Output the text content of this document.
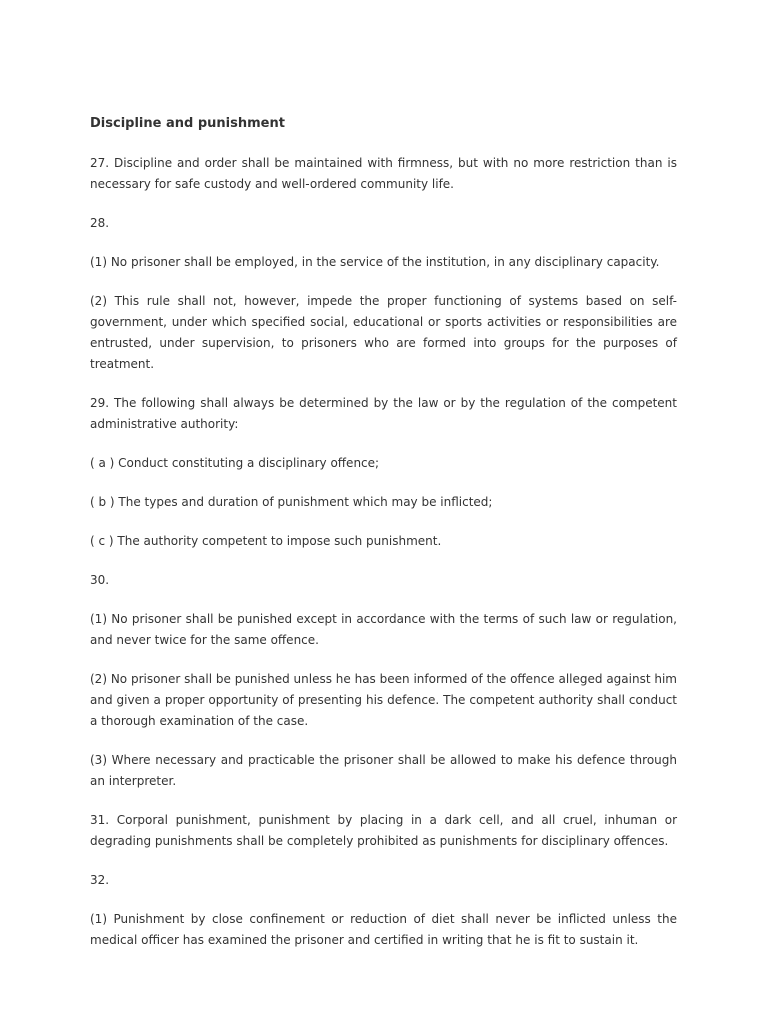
Discipline and punishment

27. Discipline and order shall be maintained with firmness, but with no more restriction than is necessary for safe custody and well-ordered community life.

28.

(1) No prisoner shall be employed, in the service of the institution, in any disciplinary capacity.

(2) This rule shall not, however, impede the proper functioning of systems based on self-government, under which specified social, educational or sports activities or responsibilities are entrusted, under supervision, to prisoners who are formed into groups for the purposes of treatment.

29. The following shall always be determined by the law or by the regulation of the competent administrative authority:

( a ) Conduct constituting a disciplinary offence;

( b ) The types and duration of punishment which may be inflicted;

( c ) The authority competent to impose such punishment.

30.

(1) No prisoner shall be punished except in accordance with the terms of such law or regulation, and never twice for the same offence.

(2) No prisoner shall be punished unless he has been informed of the offence alleged against him and given a proper opportunity of presenting his defence. The competent authority shall conduct a thorough examination of the case.

(3) Where necessary and practicable the prisoner shall be allowed to make his defence through an interpreter.

31. Corporal punishment, punishment by placing in a dark cell, and all cruel, inhuman or degrading punishments shall be completely prohibited as punishments for disciplinary offences.

32.

(1) Punishment by close confinement or reduction of diet shall never be inflicted unless the medical officer has examined the prisoner and certified in writing that he is fit to sustain it.
